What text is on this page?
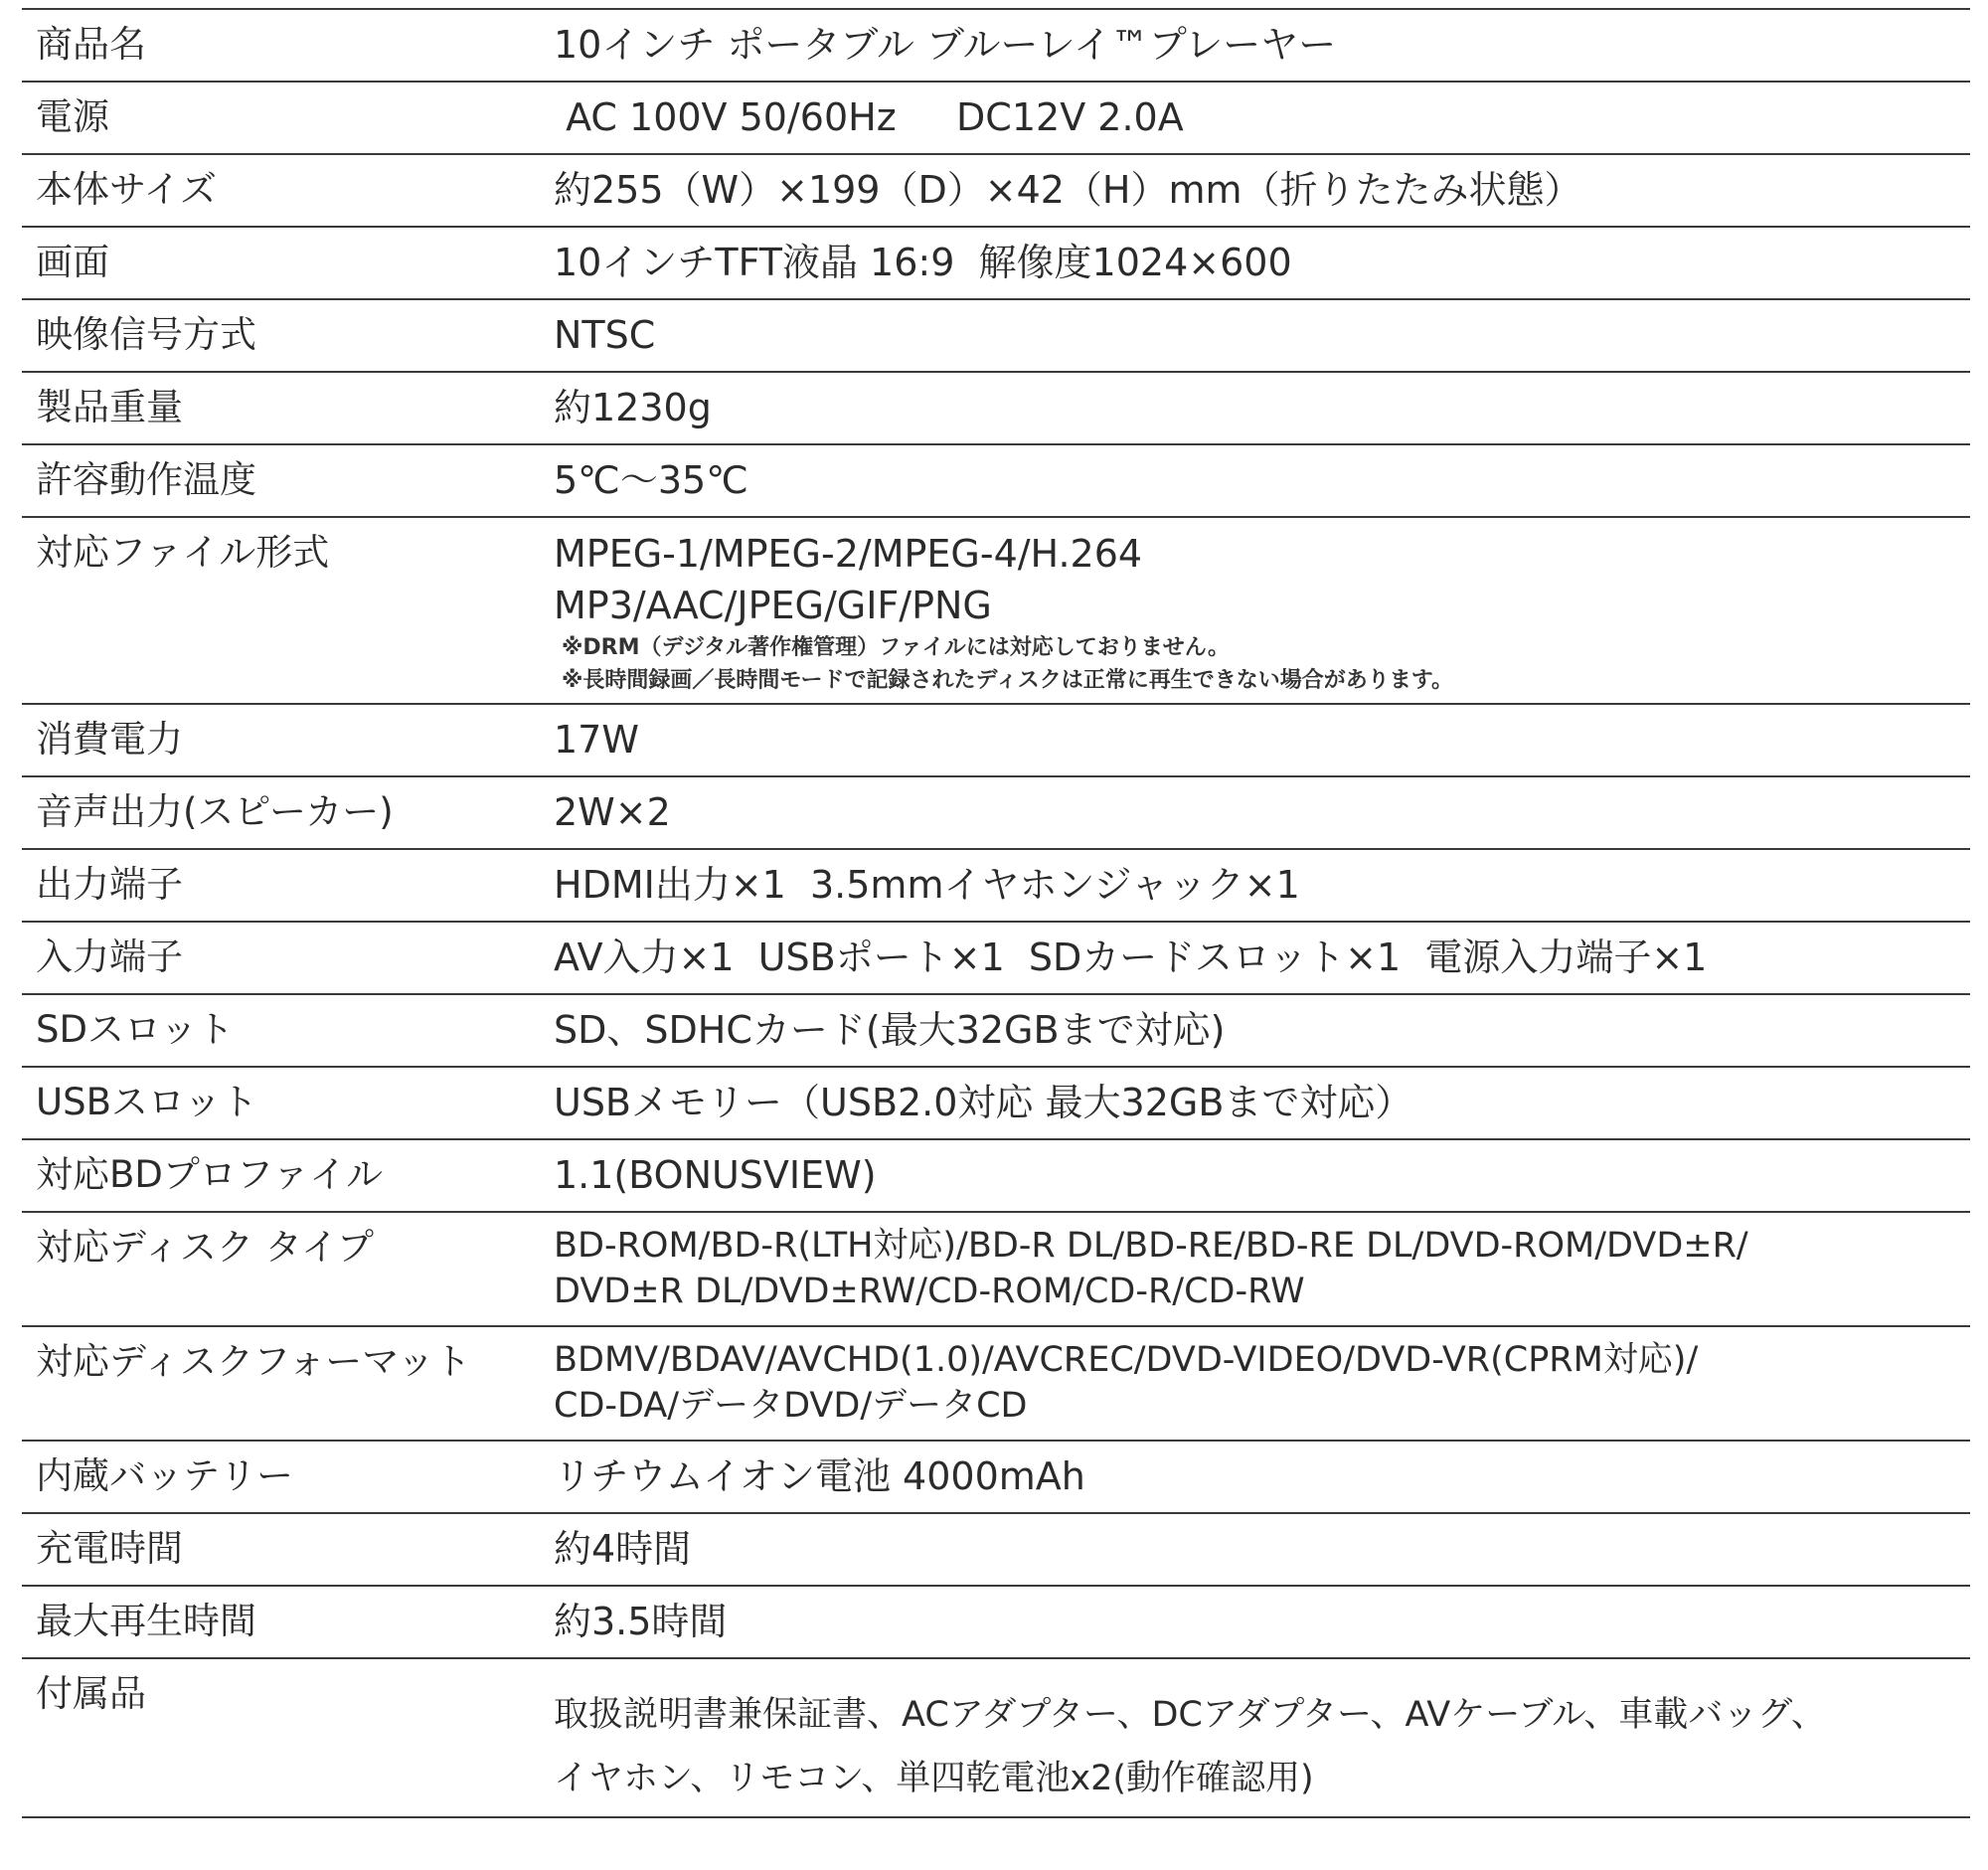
商品名	10インチ ポータブル ブルーレイ™プレーヤー
電源	AC 100V 50/60Hz     DC12V 2.0A
本体サイズ	約255（W）×199（D）×42（H）mm（折りたたみ状態）
画面	10インチTFT液晶 16:9  解像度1024×600
映像信号方式	NTSC
製品重量	約1230g
許容動作温度	5℃～35℃
対応ファイル形式	MPEG-1/MPEG-2/MPEG-4/H.264
MP3/AAC/JPEG/GIF/PNG
※DRM（デジタル著作権管理）ファイルには対応しておりません。
※長時間録画／長時間モードで記録されたディスクは正常に再生できない場合があります。
消費電力	17W
音声出力(スピーカー)	2W×2
出力端子	HDMI出力×1  3.5mmイヤホンジャック×1
入力端子	AV入力×1  USBポート×1  SDカードスロット×1  電源入力端子×1
SDスロット	SD、SDHCカード(最大32GBまで対応)
USBスロット	USBメモリー（USB2.0対応 最大32GBまで対応）
対応BDプロファイル	1.1(BONUSVIEW)
対応ディスク タイプ	BD-ROM/BD-R(LTH対応)/BD-R DL/BD-RE/BD-RE DL/DVD-ROM/DVD±R/
DVD±R DL/DVD±RW/CD-ROM/CD-R/CD-RW
対応ディスクフォーマット	BDMV/BDAV/AVCHD(1.0)/AVCREC/DVD-VIDEO/DVD-VR(CPRM対応)/
CD-DA/データDVD/データCD
内蔵バッテリー	リチウムイオン電池 4000mAh
充電時間	約4時間
最大再生時間	約3.5時間
付属品	取扱説明書兼保証書、ACアダプター、DCアダプター、AVケーブル、車載バッグ、
イヤホン、リモコン、単四乾電池x2(動作確認用)
